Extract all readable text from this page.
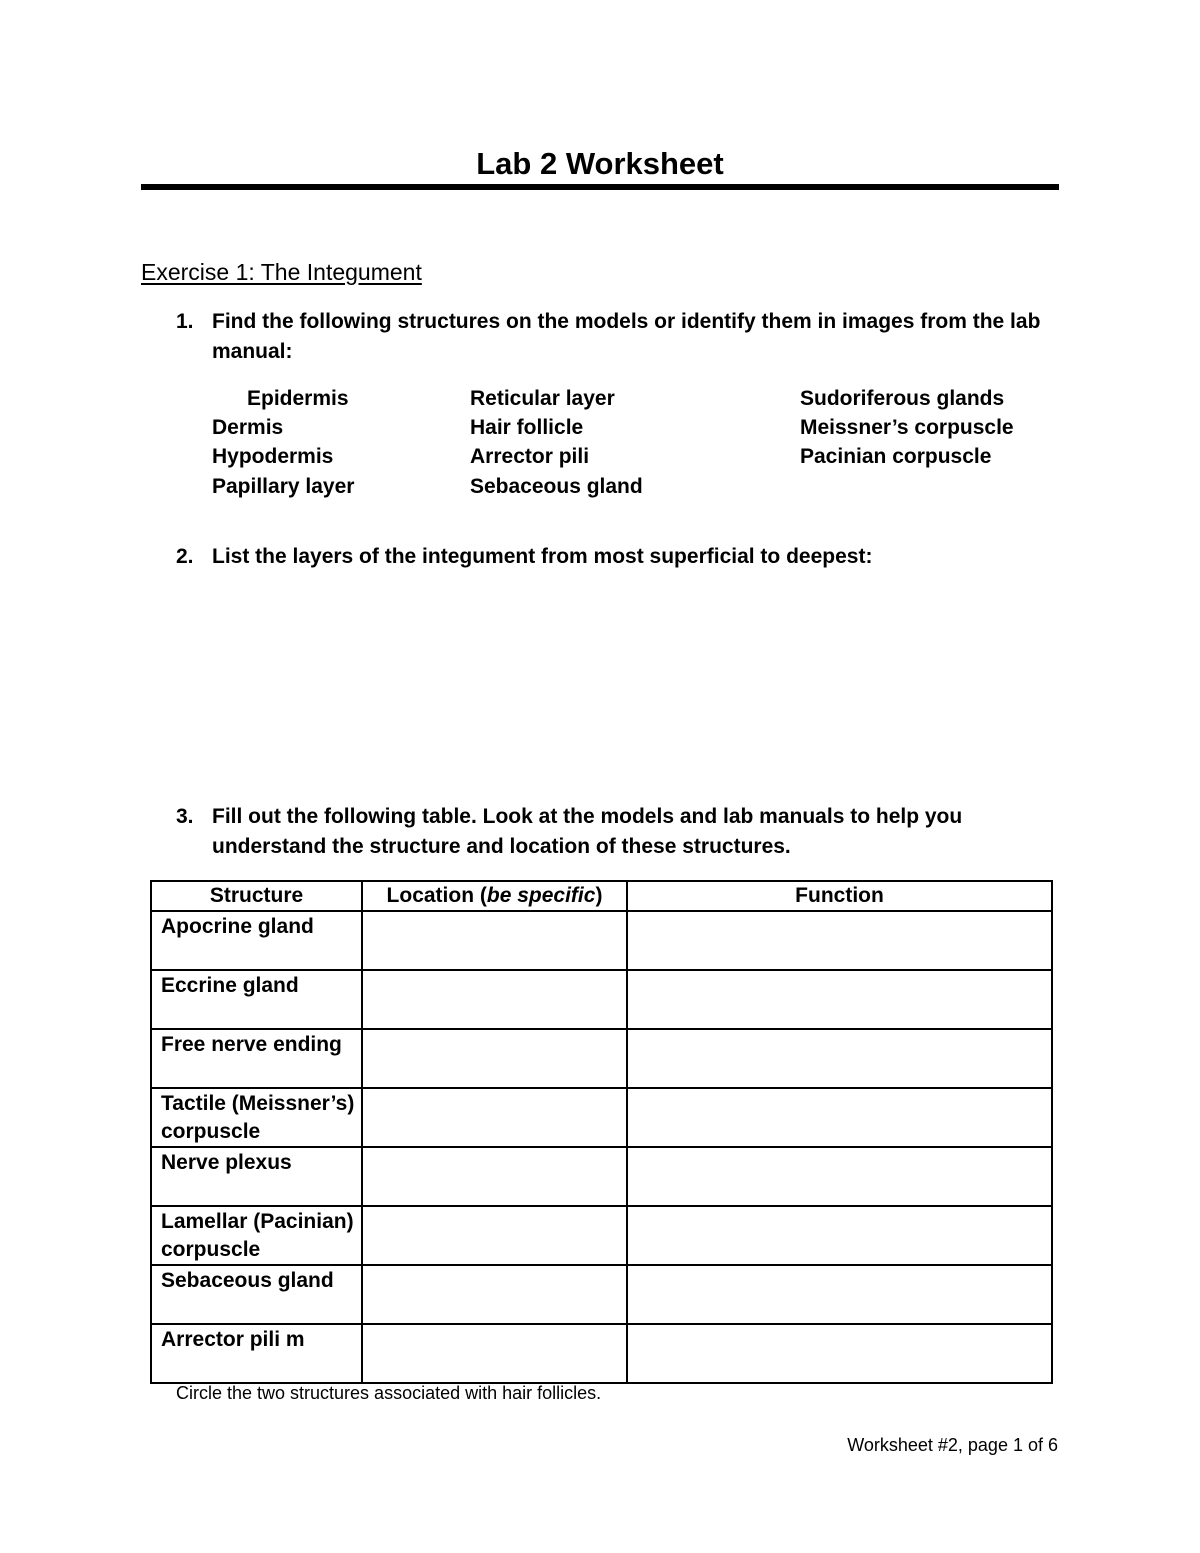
Lab 2 Worksheet
Exercise 1: The Integument
1. Find the following structures on the models or identify them in images from the lab manual:
Epidermis
Dermis
Hypodermis
Papillary layer
Reticular layer
Hair follicle
Arrector pili
Sebaceous gland
Sudoriferous glands
Meissner’s corpuscle
Pacinian corpuscle
2. List the layers of the integument from most superficial to deepest:
3. Fill out the following table. Look at the models and lab manuals to help you understand the structure and location of these structures.
Structure	Location (be specific)	Function
Apocrine gland		
Eccrine gland		
Free nerve ending		
Tactile (Meissner’s) corpuscle		
Nerve plexus		
Lamellar (Pacinian) corpuscle		
Sebaceous gland		
Arrector pili m		
Circle the two structures associated with hair follicles.
Worksheet #2, page 1 of 6
